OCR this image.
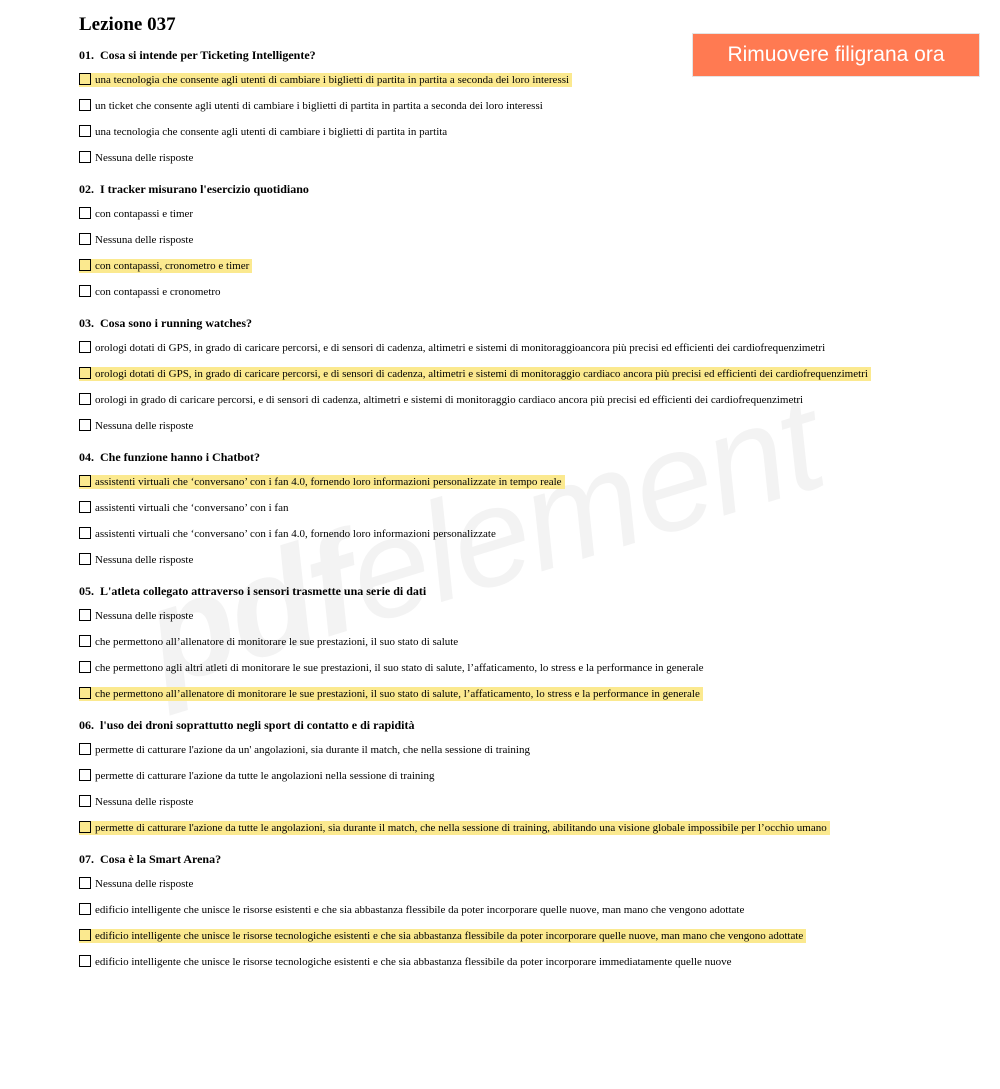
Lezione 037
Rimuovere filigrana ora
01. Cosa si intende per Ticketing Intelligente?
una tecnologia che consente agli utenti di cambiare i biglietti di partita in partita a seconda dei loro interessi
un ticket che consente agli utenti di cambiare i biglietti di partita in partita a seconda dei loro interessi
una tecnologia che consente agli utenti di cambiare i biglietti di partita in partita
Nessuna delle risposte
02. I tracker misurano l'esercizio quotidiano
con contapassi e timer
Nessuna delle risposte
con contapassi, cronometro e timer
con contapassi e cronometro
03. Cosa sono i running watches?
orologi dotati di GPS, in grado di caricare percorsi, e di sensori di cadenza, altimetri e sistemi di monitoraggioancora più precisi ed efficienti dei cardiofrequenzimetri
orologi dotati di GPS, in grado di caricare percorsi, e di sensori di cadenza, altimetri e sistemi di monitoraggio cardiaco ancora più precisi ed efficienti dei cardiofrequenzimetri
orologi in grado di caricare percorsi, e di sensori di cadenza, altimetri e sistemi di monitoraggio cardiaco ancora più precisi ed efficienti dei cardiofrequenzimetri
Nessuna delle risposte
04. Che funzione hanno i Chatbot?
assistenti virtuali che ‘conversano’ con i fan 4.0, fornendo loro informazioni personalizzate in tempo reale
assistenti virtuali che ‘conversano’ con i fan
assistenti virtuali che ‘conversano’ con i fan 4.0, fornendo loro informazioni personalizzate
Nessuna delle risposte
05. L'atleta collegato attraverso i sensori trasmette una serie di dati
Nessuna delle risposte
che permettono all’allenatore di monitorare le sue prestazioni, il suo stato di salute
che permettono agli altri atleti di monitorare le sue prestazioni, il suo stato di salute, l’affaticamento, lo stress e la performance in generale
che permettono all’allenatore di monitorare le sue prestazioni, il suo stato di salute, l’affaticamento, lo stress e la performance in generale
06. l'uso dei droni soprattutto negli sport di contatto e di rapidità
permette di catturare l'azione da un' angolazioni, sia durante il match, che nella sessione di training
permette di catturare l'azione da tutte le angolazioni nella sessione di training
Nessuna delle risposte
permette di catturare l'azione da tutte le angolazioni, sia durante il match, che nella sessione di training, abilitando una visione globale impossibile per l’occhio umano
07. Cosa è la Smart Arena?
Nessuna delle risposte
edificio intelligente che unisce le risorse esistenti e che sia abbastanza flessibile da poter incorporare quelle nuove, man mano che vengono adottate
edificio intelligente che unisce le risorse tecnologiche esistenti e che sia abbastanza flessibile da poter incorporare quelle nuove, man mano che vengono adottate
edificio intelligente che unisce le risorse tecnologiche esistenti e che sia abbastanza flessibile da poter incorporare immediatamente quelle nuove
